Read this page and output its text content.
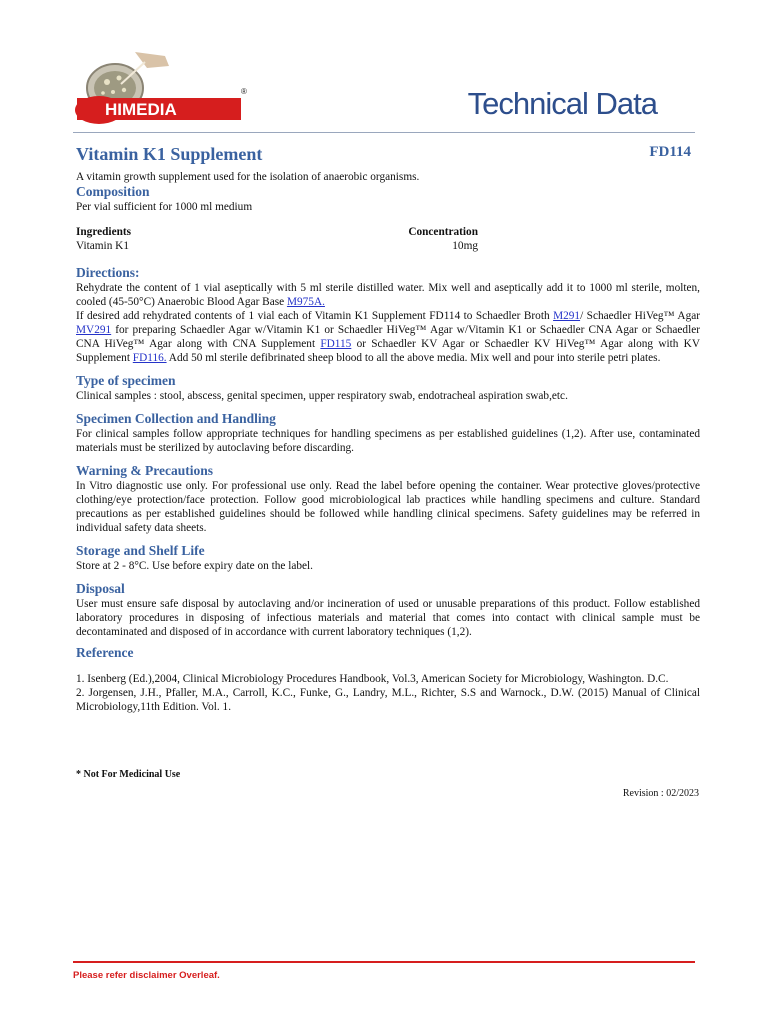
HIMEDIA
®	Technical Data
Vitamin K1 Supplement	FD114

A vitamin growth supplement used for the isolation of anaerobic organisms.

Composition

Per vial sufficient for 1000 ml medium

Ingredients	Concentration
Vitamin K1	10mg
Directions:

Rehydrate the content of 1 vial aseptically with 5 ml sterile distilled water. Mix well and aseptically add it to 1000 ml sterile, molten, cooled (45-50°C) Anaerobic Blood Agar Base M975A.

If desired add rehydrated contents of 1 vial each of Vitamin K1 Supplement FD114 to Schaedler Broth M291/ Schaedler HiVeg™ Agar MV291 for preparing Schaedler Agar w/Vitamin K1 or Schaedler HiVeg™ Agar w/Vitamin K1 or Schaedler CNA Agar or Schaedler CNA HiVeg™ Agar along with CNA Supplement FD115 or Schaedler KV Agar or Schaedler KV HiVeg™ Agar along with KV Supplement FD116. Add 50 ml sterile defibrinated sheep blood to all the above media. Mix well and pour into sterile petri plates.

Type of specimen

Clinical samples : stool, abscess, genital specimen, upper respiratory swab, endotracheal aspiration swab,etc.

Specimen Collection and Handling

For clinical samples follow appropriate techniques for handling specimens as per established guidelines (1,2). After use, contaminated materials must be sterilized by autoclaving before discarding.

Warning & Precautions

In Vitro diagnostic use only. For professional use only. Read the label before opening the container. Wear protective gloves/protective clothing/eye protection/face protection. Follow good microbiological lab practices while handling specimens and culture. Standard precautions as per established guidelines should be followed while handling clinical specimens. Safety guidelines may be referred in individual safety data sheets.

Storage and Shelf Life

Store at 2 - 8°C. Use before expiry date on the label.

Disposal

User must ensure safe disposal by autoclaving and/or incineration of used or unusable preparations of this product. Follow established laboratory procedures in disposing of infectious materials and material that comes into contact with clinical sample must be decontaminated and disposed of in accordance with current laboratory techniques (1,2).

Reference

1. Isenberg (Ed.),2004, Clinical Microbiology Procedures Handbook, Vol.3, American Society for Microbiology, Washington. D.C.

2. Jorgensen, J.H., Pfaller, M.A., Carroll, K.C., Funke, G., Landry, M.L., Richter, S.S and Warnock., D.W. (2015) Manual of Clinical Microbiology,11th Edition. Vol. 1.

* Not For Medicinal Use
Revision : 02/2023
Please refer disclaimer Overleaf.
